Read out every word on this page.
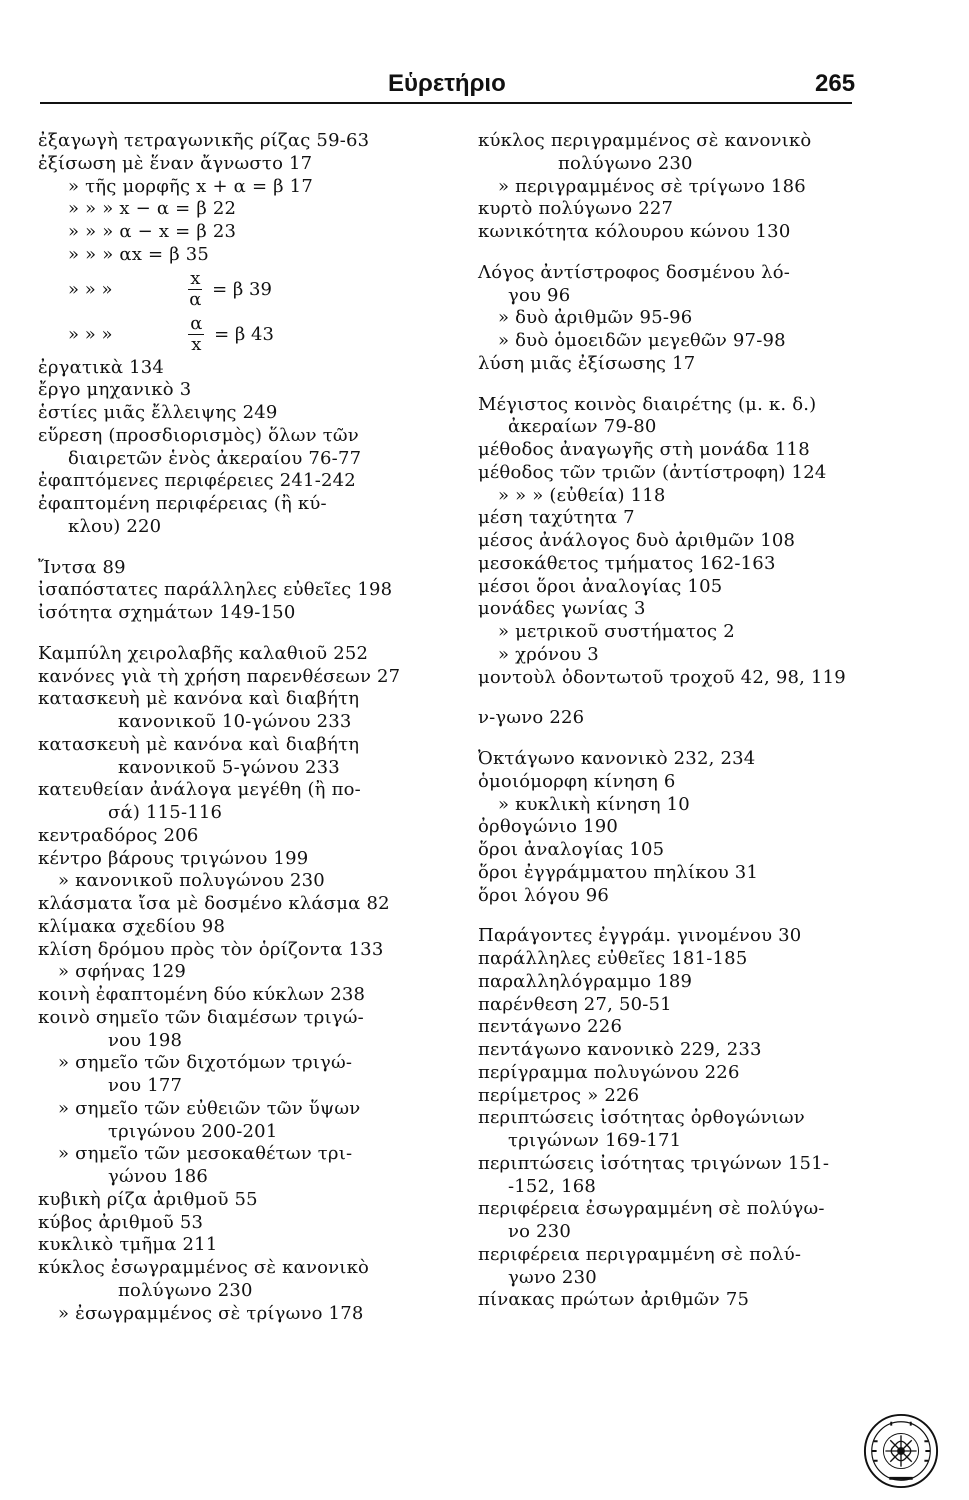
Εὑρετήριο	265
ἐξαγωγὴ τετραγωνικῆς ρίζας 59-63
ἐξίσωση μὲ ἕναν ἄγνωστο 17
» τῆς μορφῆς x + α = β 17
» » » x − α = β 22
» » » α − x = β 23
» » » αx = β 35
» » »	$\frac{x}{\alpha} = \beta$ 39
» » »	$\frac{\alpha}{x} = \beta$ 43
ἐργατικὰ 134
ἔργο μηχανικὸ 3
ἑστίες μιᾶς ἔλλειψης 249
εὕρεση (προσδιορισμὸς) ὅλων τῶν
διαιρετῶν ἑνὸς ἀκεραίου 76-77
ἐφαπτόμενες περιφέρειες 241-242
ἐφαπτομένη περιφέρειας (ἢ κύ-
κλου) 220
Ἴντσα 89
ἰσαπόστατες παράλληλες εὐθεῖες 198
ἰσότητα σχημάτων 149-150
Καμπύλη χειρολαβῆς καλαθιοῦ 252
κανόνες γιὰ τὴ χρήση παρενθέσεων 27
κατασκευὴ μὲ κανόνα καὶ διαβήτη
κανονικοῦ 10-γώνου 233
κατασκευὴ μὲ κανόνα καὶ διαβήτη
κανονικοῦ 5-γώνου 233
κατευθείαν ἀνάλογα μεγέθη (ἢ πο-
σά) 115-116
κεντραδόρος 206
κέντρο βάρους τριγώνου 199
» κανονικοῦ πολυγώνου 230
κλάσματα ἴσα μὲ δοσμένο κλάσμα 82
κλίμακα σχεδίου 98
κλίση δρόμου πρὸς τὸν ὁρίζοντα 133
» σφήνας 129
κοινὴ ἐφαπτομένη δύο κύκλων 238
κοινὸ σημεῖο τῶν διαμέσων τριγώ-
νου 198
» σημεῖο τῶν διχοτόμων τριγώ-
νου 177
» σημεῖο τῶν εὐθειῶν τῶν ὕψων
τριγώνου 200-201
» σημεῖο τῶν μεσοκαθέτων τρι-
γώνου 186
κυβικὴ ρίζα ἀριθμοῦ 55
κύβος ἀριθμοῦ 53
κυκλικὸ τμῆμα 211
κύκλος ἐσωγραμμένος σὲ κανονικὸ
πολύγωνο 230
» ἐσωγραμμένος σὲ τρίγωνο 178
κύκλος περιγραμμένος σὲ κανονικὸ
πολύγωνο 230
» περιγραμμένος σὲ τρίγωνο 186
κυρτὸ πολύγωνο 227
κωνικότητα κόλουρου κώνου 130
Λόγος ἀντίστροφος δοσμένου λό-
γου 96
» δυὸ ἀριθμῶν 95-96
» δυὸ ὁμοειδῶν μεγεθῶν 97-98
λύση μιᾶς ἐξίσωσης 17
Μέγιστος κοινὸς διαιρέτης (μ. κ. δ.)
ἀκεραίων 79-80
μέθοδος ἀναγωγῆς στὴ μονάδα 118
μέθοδος τῶν τριῶν (ἀντίστροφη) 124
» » » (εὐθεία) 118
μέση ταχύτητα 7
μέσος ἀνάλογος δυὸ ἀριθμῶν 108
μεσοκάθετος τμήματος 162-163
μέσοι ὅροι ἀναλογίας 105
μονάδες γωνίας 3
» μετρικοῦ συστήματος 2
» χρόνου 3
μοντοὺλ ὀδοντωτοῦ τροχοῦ 42, 98, 119
ν-γωνο 226
Ὀκτάγωνο κανονικὸ 232, 234
ὁμοιόμορφη κίνηση 6
» κυκλικὴ κίνηση 10
ὀρθογώνιο 190
ὅροι ἀναλογίας 105
ὅροι ἐγγράμματου πηλίκου 31
ὅροι λόγου 96
Παράγοντες ἐγγράμ. γινομένου 30
παράλληλες εὐθεῖες 181-185
παραλληλόγραμμο 189
παρένθεση 27, 50-51
πεντάγωνο 226
πεντάγωνο κανονικὸ 229, 233
περίγραμμα πολυγώνου 226
περίμετρος » 226
περιπτώσεις ἰσότητας ὀρθογώνιων
τριγώνων 169-171
περιπτώσεις ἰσότητας τριγώνων 151-
-152, 168
περιφέρεια ἐσωγραμμένη σὲ πολύγω-
νο 230
περιφέρεια περιγραμμένη σὲ πολύ-
γωνο 230
πίνακας πρώτων ἀριθμῶν 75
